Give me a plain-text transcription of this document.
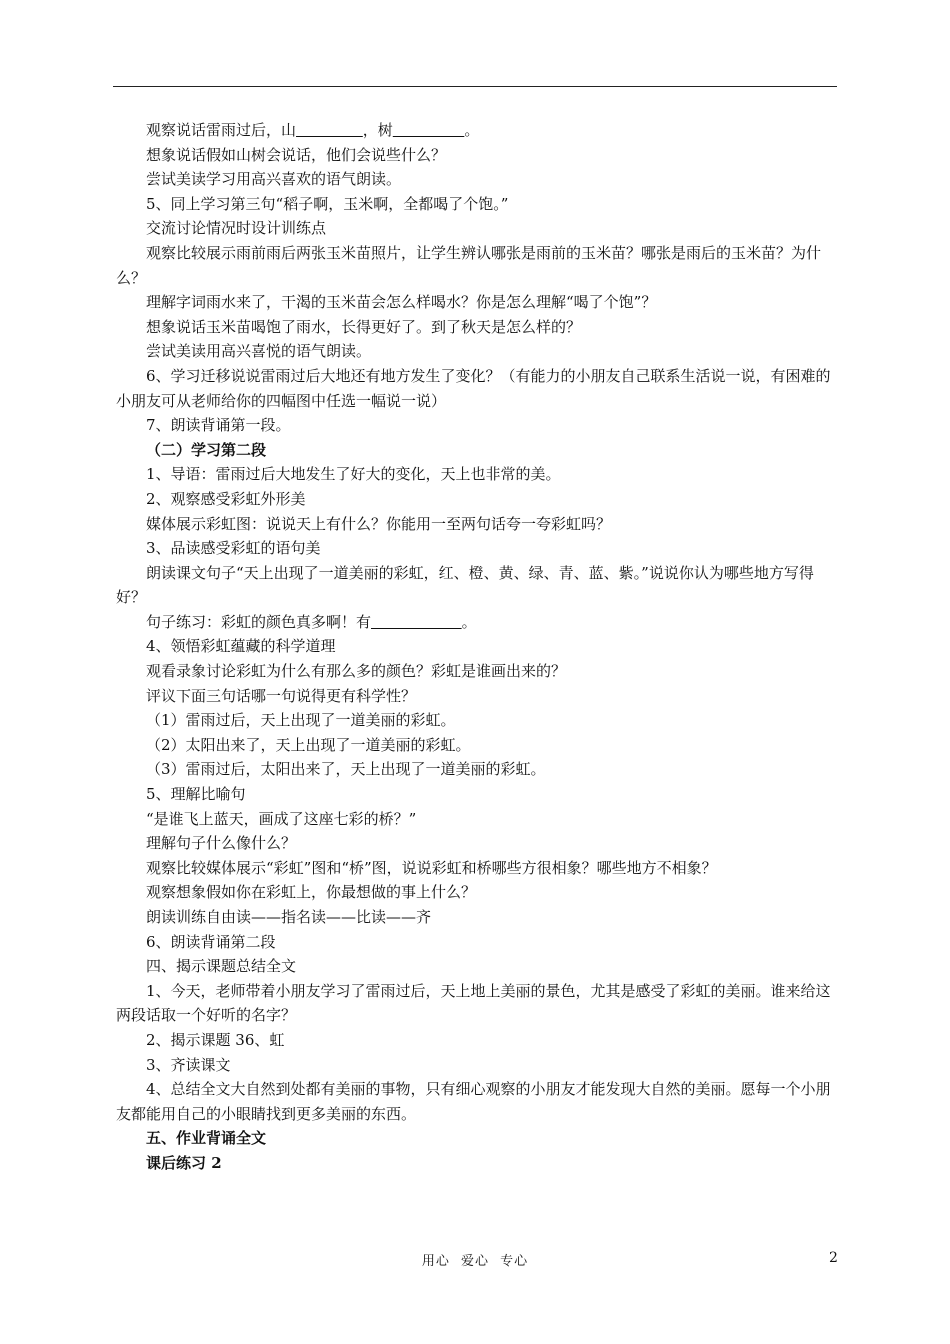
观察说话雷雨过后，山	，树	。

想象说话假如山树会说话，他们会说些什么？

尝试美读学习用高兴喜欢的语气朗读。

5、同上学习第三句“稻子啊，玉米啊，全都喝了个饱。”

交流讨论情况时设计训练点

观察比较展示雨前雨后两张玉米苗照片，让学生辨认哪张是雨前的玉米苗？哪张是雨后的玉米苗？为什么？

理解字词雨水来了，干渴的玉米苗会怎么样喝水？你是怎么理解“喝了个饱”？

想象说话玉米苗喝饱了雨水，长得更好了。到了秋天是怎么样的？

尝试美读用高兴喜悦的语气朗读。

6、学习迁移说说雷雨过后大地还有地方发生了变化？（有能力的小朋友自己联系生活说一说，有困难的小朋友可从老师给你的四幅图中任选一幅说一说）

7、朗读背诵第一段。

（二）学习第二段

1、导语：雷雨过后大地发生了好大的变化，天上也非常的美。

2、观察感受彩虹外形美

媒体展示彩虹图：说说天上有什么？你能用一至两句话夸一夸彩虹吗？

3、品读感受彩虹的语句美

朗读课文句子“天上出现了一道美丽的彩虹，红、橙、黄、绿、青、蓝、紫。”说说你认为哪些地方写得好？

句子练习：彩虹的颜色真多啊！有	。

4、领悟彩虹蕴藏的科学道理

观看录象讨论彩虹为什么有那么多的颜色？彩虹是谁画出来的？

评议下面三句话哪一句说得更有科学性？

（1）雷雨过后，天上出现了一道美丽的彩虹。

（2）太阳出来了，天上出现了一道美丽的彩虹。

（3）雷雨过后，太阳出来了，天上出现了一道美丽的彩虹。

5、理解比喻句

“是谁飞上蓝天，画成了这座七彩的桥？”

理解句子什么像什么？

观察比较媒体展示“彩虹”图和“桥”图，说说彩虹和桥哪些方很相象？哪些地方不相象？

观察想象假如你在彩虹上，你最想做的事上什么？

朗读训练自由读——指名读——比读——齐

6、朗读背诵第二段

四、揭示课题总结全文

1、今天，老师带着小朋友学习了雷雨过后，天上地上美丽的景色，尤其是感受了彩虹的美丽。谁来给这两段话取一个好听的名字？

2、揭示课题 36、虹

3、齐读课文

4、总结全文大自然到处都有美丽的事物，只有细心观察的小朋友才能发现大自然的美丽。愿每一个小朋友都能用自己的小眼睛找到更多美丽的东西。

五、作业背诵全文

课后练习 2

用心 爱心 专心	2
